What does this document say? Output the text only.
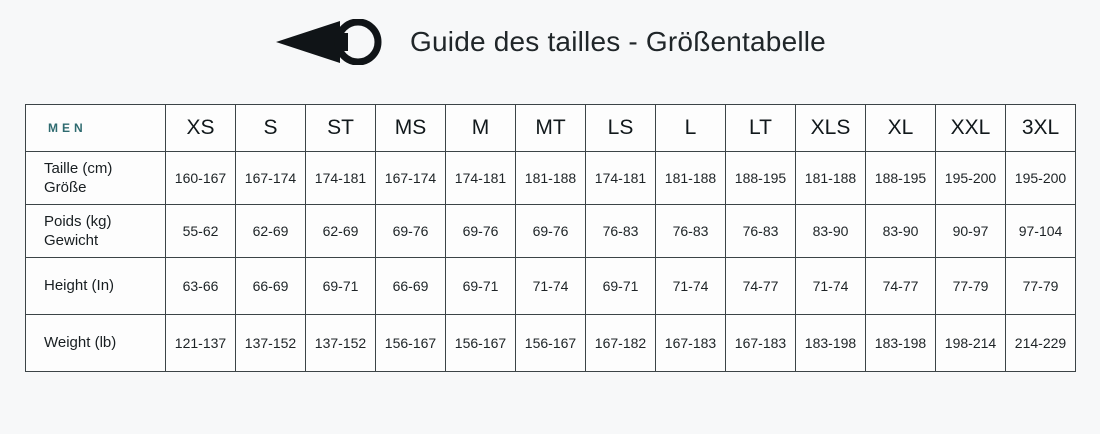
Guide des tailles - Größentabelle
MEN	XS	S	ST	MS	M	MT	LS	L	LT	XLS	XL	XXL	3XL
Taille (cm)
Größe	160-167	167-174	174-181	167-174	174-181	181-188	174-181	181-188	188-195	181-188	188-195	195-200	195-200
Poids (kg)
Gewicht	55-62	62-69	62-69	69-76	69-76	69-76	76-83	76-83	76-83	83-90	83-90	90-97	97-104
Height (In)	63-66	66-69	69-71	66-69	69-71	71-74	69-71	71-74	74-77	71-74	74-77	77-79	77-79
Weight (lb)	121-137	137-152	137-152	156-167	156-167	156-167	167-182	167-183	167-183	183-198	183-198	198-214	214-229
